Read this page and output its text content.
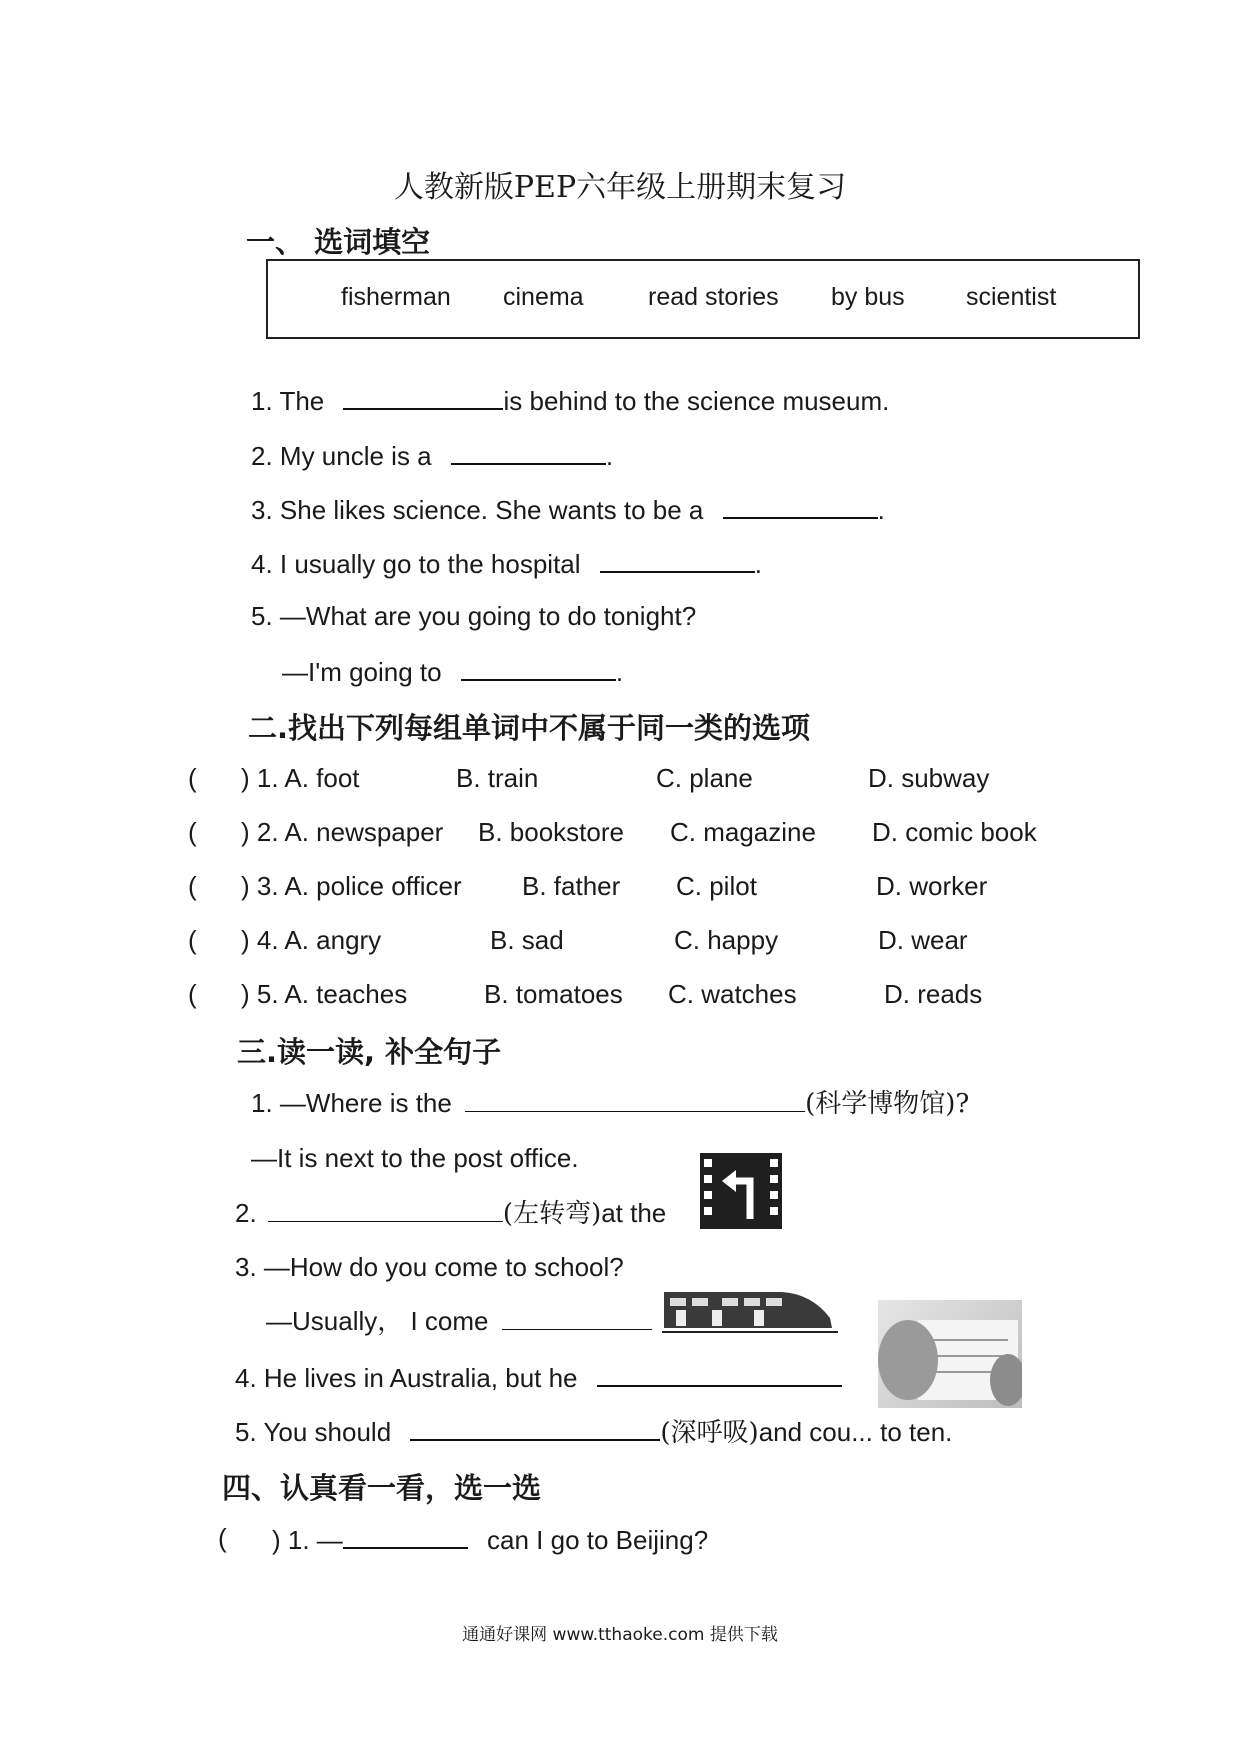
人教新版PEP六年级上册期末复习
一、 选词填空
fisherman cinema	read stories by bus scientist
1. The	is behind to the science museum.
2. My uncle is a	.
3. She likes science. She wants to be a	.
4. I usually go to the hospital	.
5. —What are you going to do tonight?
—I'm going to	.
二.找出下列每组单词中不属于同一类的选项
( ) 1. A. foot	B. train	C. plane	D. subway
( ) 2. A. newspaper B. bookstore C. magazine D. comic book
( ) 3. A. police officer B. father C. pilot	D. worker
( ) 4. A. angry	B. sad	C. happy	D. wear
( ) 5. A. teaches	B. tomatoes C. watches	D. reads
三.读一读, 补全句子
1. —Where is the	(科学博物馆)?
—It is next to the post office.
2.	(左转弯)at the
3. —How do you come to school?
—Usually， I come
4. He lives in Australia, but he
5. You should	(深呼吸)and cou... to ten.
四、认真看一看，选一选
( ) 1. —	can I go to Beijing?
通通好课网 www.tthaoke.com 提供下载
